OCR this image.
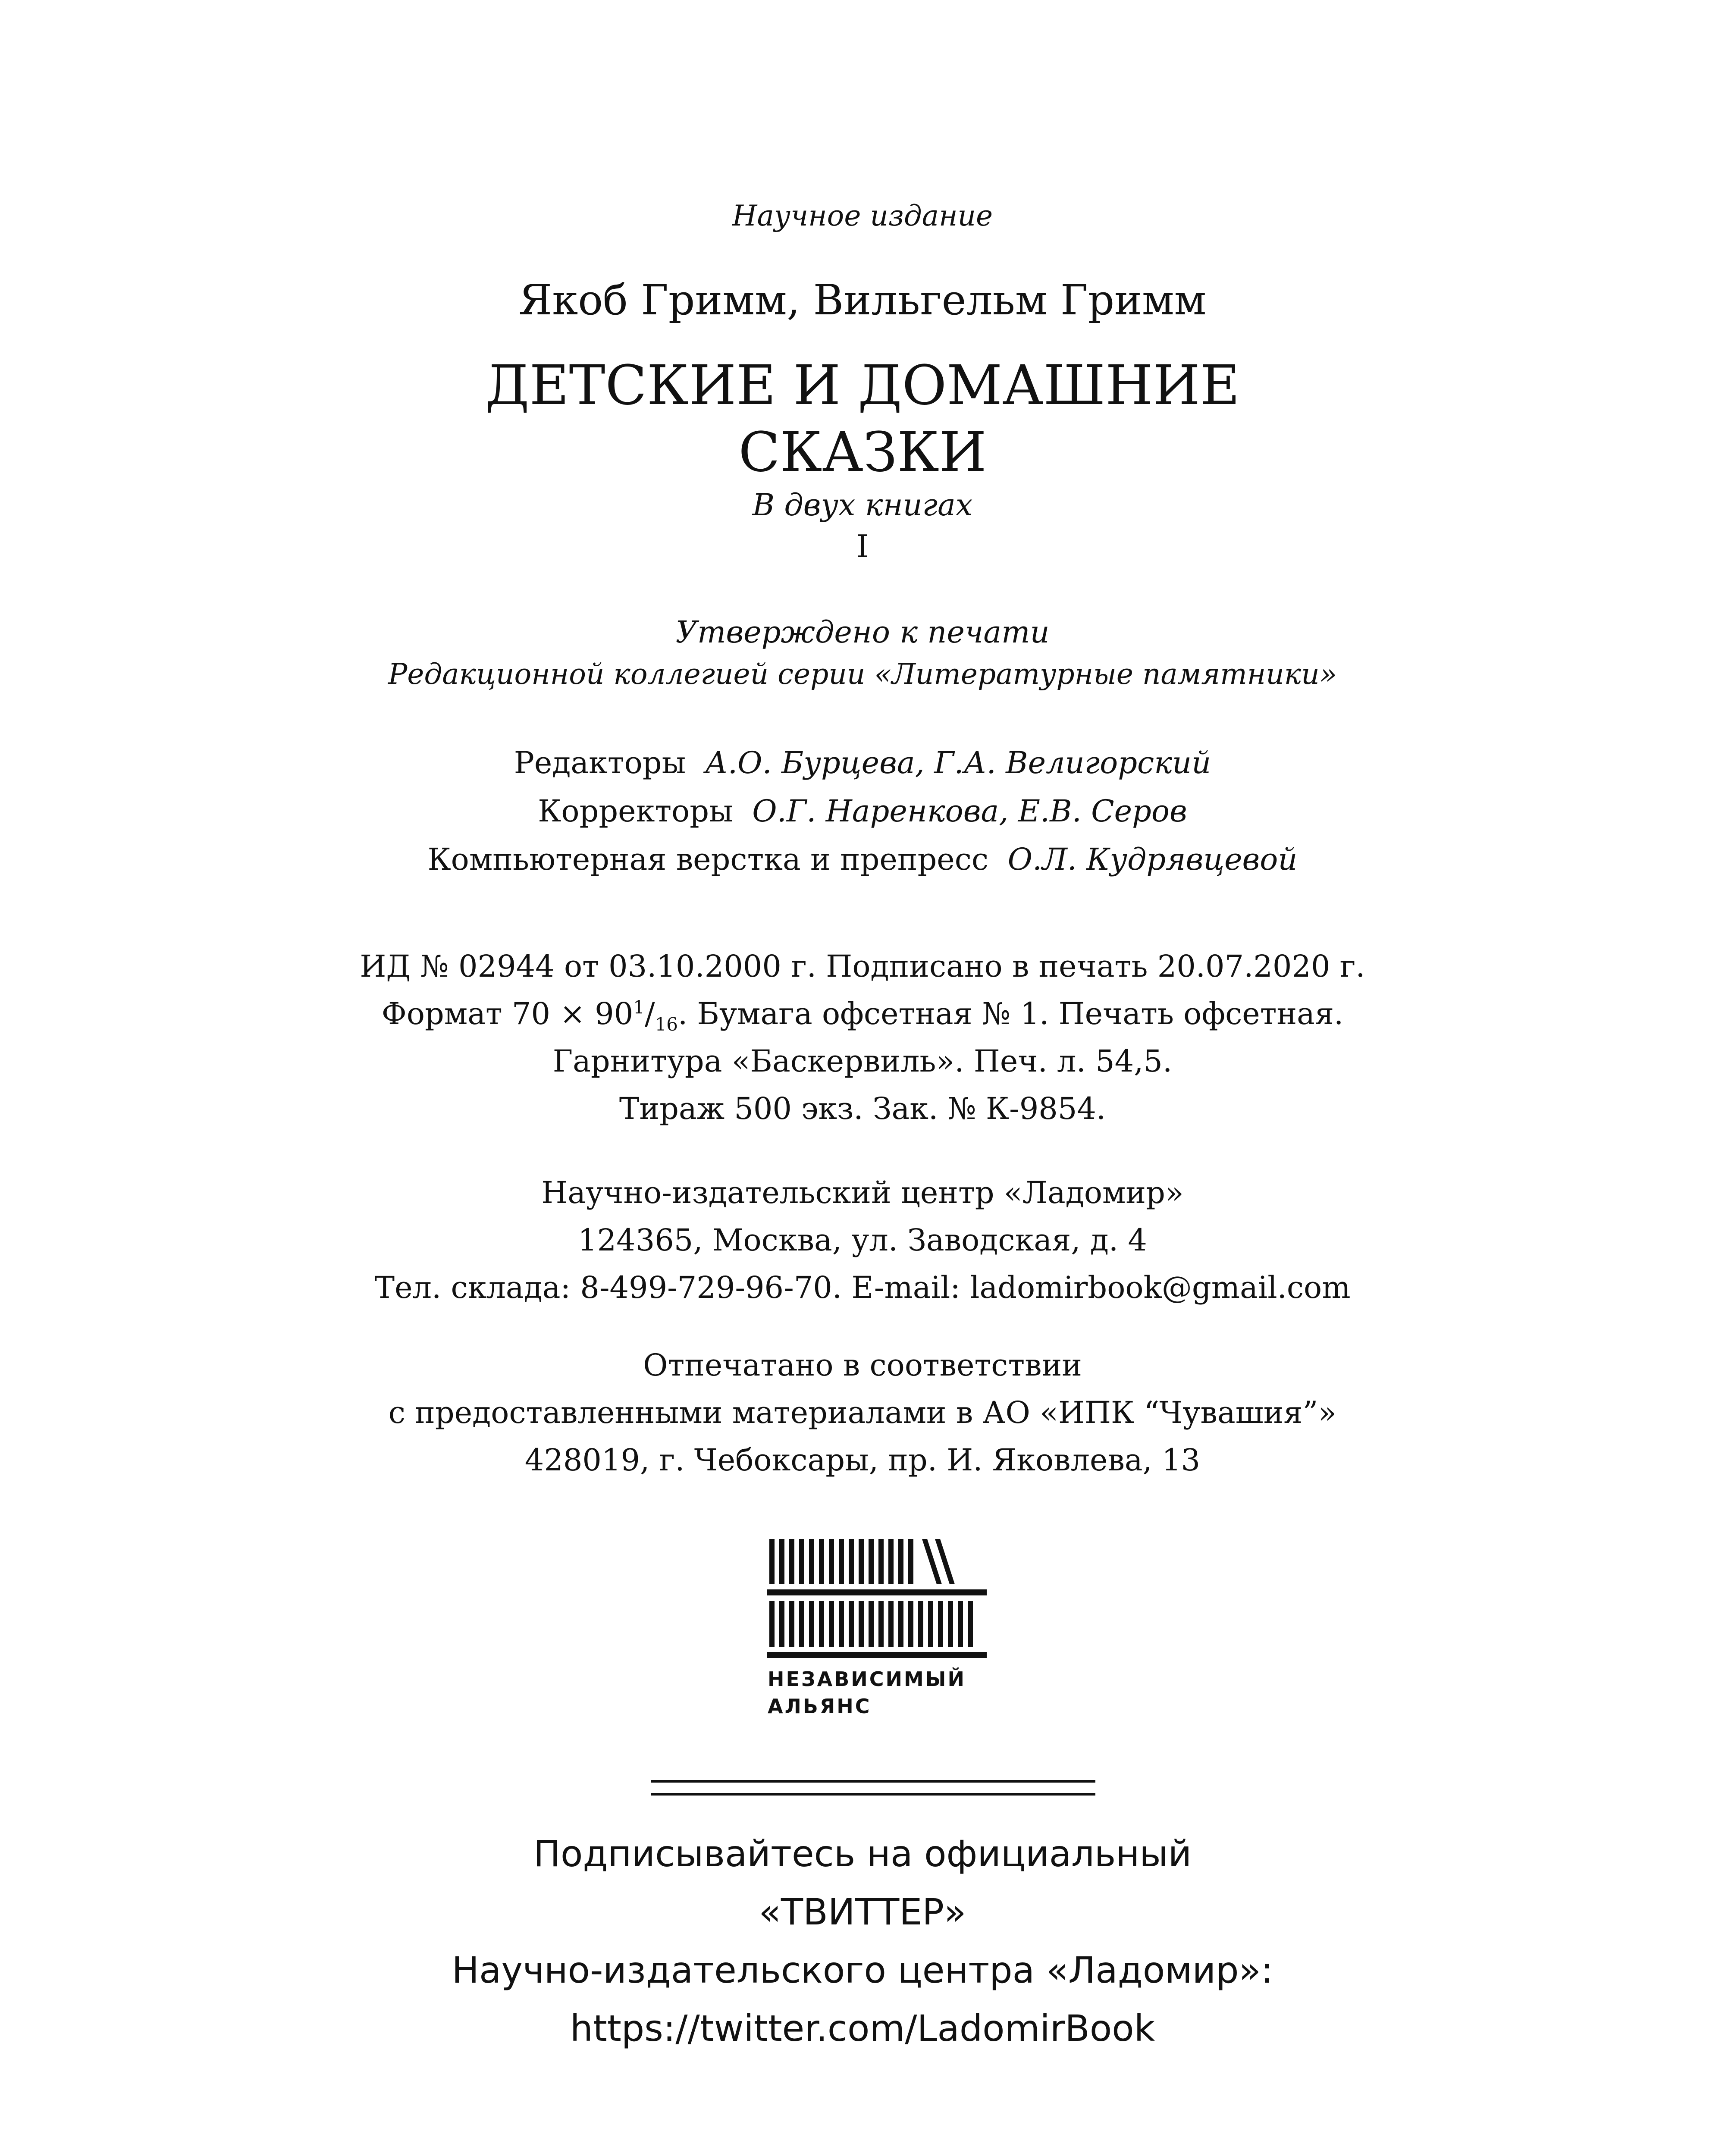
Научное издание
Якоб Гримм, Вильгельм Гримм
ДЕТСКИЕ И ДОМАШНИЕ
СКАЗКИ
В двух книгах
I
Утверждено к печати
Редакционной коллегией серии «Литературные памятники»
Редакторы А.О. Бурцева, Г.А. Велигорский
Корректоры О.Г. Наренкова, Е.В. Серов
Компьютерная верстка и препресс О.Л. Кудрявцевой
ИД № 02944 от 03.10.2000 г. Подписано в печать 20.07.2020 г.
Формат $70 \times 90^1/_{16}$. Бумага офсетная № 1. Печать офсетная.
Гарнитура «Баскервиль». Печ. л. 54,5.
Тираж 500 экз. Зак. № К-9854.
Научно-издательский центр «Ладомир»
124365, Москва, ул. Заводская, д. 4
Тел. склада: 8-499-729-96-70. E-mail: ladomirbook@gmail.com
Отпечатано в соответствии
с предоставленными материалами в АО «ИПК “Чувашия”»
428019, г. Чебоксары, пр. И. Яковлева, 13
НЕЗАВИСИМЫЙ
АЛЬЯНС
Подписывайтесь на официальный
«ТВИТТЕР»
Научно-издательского центра «Ладомир»:
https://twitter.com/LadomirBook
